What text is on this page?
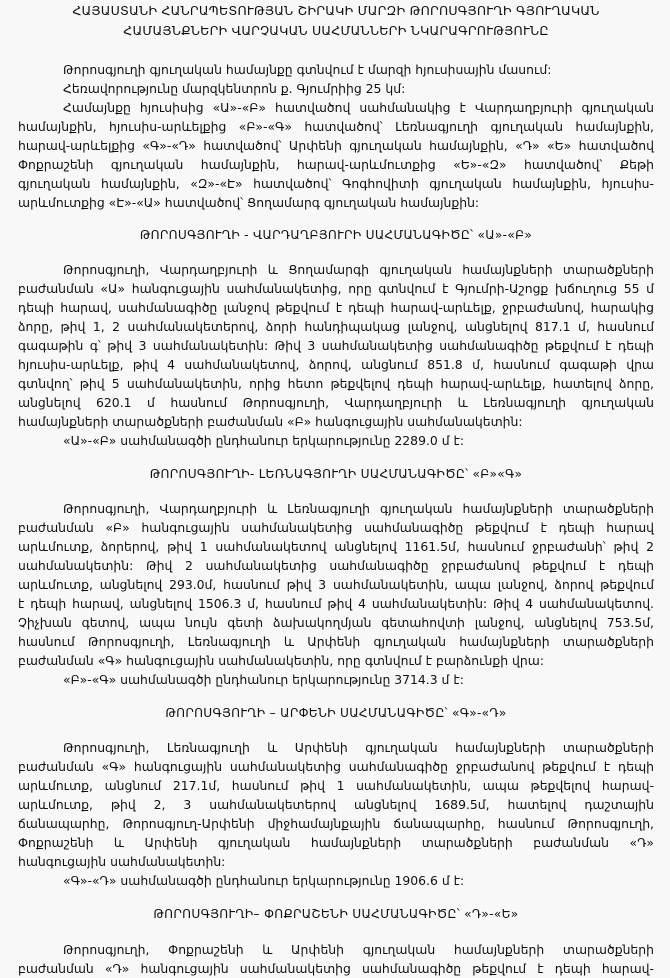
ՀԱՅԱՍՏԱՆԻ ՀԱՆՐԱՊԵՏՈՒԹՅԱՆ ՇԻՐԱԿԻ ՄԱՐԶԻ ԹՈՐՈՍԳՅՈՒՂԻ ԳՅՈՒՂԱԿԱՆ
ՀԱՄԱՅՆՔՆԵՐԻ ՎԱՐՉԱԿԱՆ ՍԱՀՄԱՆՆԵՐԻ ՆԿԱՐԱԳՐՈՒԹՅՈՒՆԸ

Թորոսգյուղի գյուղական համայնքը գտնվում է մարզի հյուսիսային մասում:

Հեռավորությունը մարզկենտրոն ք. Գյումրիից 25 կմ:

Համայնքը հյուսիսից «Ա»-«Բ» հատվածով սահմանակից է Վարդաղբյուրի գյուղական
համայնքին, հյուսիս-արևելքից «Բ»-«Գ» հատվածով՝ Լեռնագյուղի գյուղական համայնքին,
հարավ-արևելքից «Գ»-«Դ» հատվածով՝ Արփենի գյուղական համայնքին, «Դ» «Ե» հատվածով
Փոքրաշենի գյուղական համայնքին, հարավ-արևմուտքից «Ե»-«Զ» հատվածով՝ Քեթի
գյուղական համայնքին, «Զ»-«Է» հատվածով՝ Գոգհովիտի գյուղական համայնքին, հյուսիս-
արևմուտքից «Է»-«Ա» հատվածով՝ Ցողամարգ գյուղական համայնքին:

ԹՈՐՈՍԳՅՈՒՂԻ - ՎԱՐԴԱՂԲՅՈՒՐԻ ՍԱՀՄԱՆԱԳԻԾԸ՝ «Ա»-«Բ»

Թորոսգյուղի, Վարդաղբյուրի և Ցողամարգի գյուղական համայնքների տարածքների
բաժանման «Ա» հանգուցային սահմանակետից, որը գտնվում է Գյումրի-Աշոցք խճուղուց 55 մ
դեպի հարավ, սահմանագիծը լանջով թեքվում է դեպի հարավ-արևելք, ջրբաժանով, հարակից
ձորը, թիվ 1, 2 սահմանակետերով, ձորի հանդիպակաց լանջով, անցնելով 817.1 մ, հասնում
գագաթին գ՝ թիվ 3 սահմանակետին: Թիվ 3 սահմանակետից սահմանագիծը թեքվում է դեպի
հյուսիս-արևելք, թիվ 4 սահմանակետով, ձորով, անցնում 851.8 մ, հասնում գագաթի վրա
գտնվող՝ թիվ 5 սահմանակետին, որից հետո թեքվելով դեպի հարավ-արևելք, հատելով ձորը,
անցնելով 620.1 մ հասնում Թորոսգյուղի, Վարդաղբյուրի և Լեռնագյուղի գյուղական
համայնքների տարածքների բաժանման «Բ» հանգուցային սահմանակետին:

«Ա»-«Բ» սահմանագծի ընդհանուր երկարությունը 2289.0 մ է:

ԹՈՐՈՍԳՅՈՒՂԻ- ԼԵՌՆԱԳՅՈՒՂԻ ՍԱՀՄԱՆԱԳԻԾԸ՝ «Բ»«Գ»

Թորոսգյուղի, Վարդաղբյուրի և Լեռնագյուղի գյուղական համայնքների տարածքների
բաժանման «Բ» հանգուցային սահմանակետից սահմանագիծը թեքվում է դեպի հարավ
արևմուտք, ձորերով, թիվ 1 սահմանակետով անցնելով 1161.5մ, հասնում ջրբաժանի՝ թիվ 2
սահմանակետին: Թիվ 2 սահմանակետից սահմանագիծը ջրբաժանով թեքվում է դեպի
արևմուտք, անցնելով 293.0մ, հասնում թիվ 3 սահմանակետին, ապա լանջով, ձորով թեքվում
է դեպի հարավ, անցնելով 1506.3 մ, հասնում թիվ 4 սահմանակետին: Թիվ 4 սահմանակետով.
Չիչխան գետով, ապա նույն գետի ձախակողմյան գետահովտի լանջով, անցնելով 753.5մ,
հասնում Թորոսգյուղի, Լեռնագյուղի և Արփենի գյուղական համայնքների տարածքների
բաժանման «Գ» հանգուցային սահմանակետին, որը գտնվում է բարձունքի վրա:

«Բ»-«Գ» սահմանագծի ընդհանուր երկարությունը 3714.3 մ է:

ԹՈՐՈՍԳՅՈՒՂԻ – ԱՐՓԵՆԻ ՍԱՀՄԱՆԱԳԻԾԸ՝ «Գ»-«Դ»

Թորոսգյուղի, Լեռնագյուղի և Արփենի գյուղական համայնքների տարածքների
բաժանման «Գ» հանգուցային սահմանակետից սահմանագիծը ջրբաժանով թեքվում է դեպի
արևմուտք, անցնում 217.1մ, հասնում թիվ 1 սահմանակետին, ապա թեքվելով հարավ-
արևմուտք, թիվ 2, 3 սահմանակետերով անցնելով 1689.5մ, հատելով դաշտային
ճանապարհը, Թորոսգյուղ-Արփենի միջհամայնքային ճանապարհը, հասնում Թորոսգյուղի,
Փոքրաշենի և Արփենի գյուղական համայնքների տարածքների բաժանման «Դ»
հանգուցային սահմանակետին:

«Գ»-«Դ» սահմանագծի ընդհանուր երկարությունը 1906.6 մ է:

ԹՈՐՈՍԳՅՈՒՂԻ– ՓՈՔՐԱՇԵՆԻ ՍԱՀՄԱՆԱԳԻԾԸ՝ «Դ»-«Ե»

Թորոսգյուղի, Փոքրաշենի և Արփենի գյուղական համայնքների տարածքների
բաժանման «Դ» հանգուցային սահմանակետից սահմանագիծը թեքվում է դեպի հարավ-
